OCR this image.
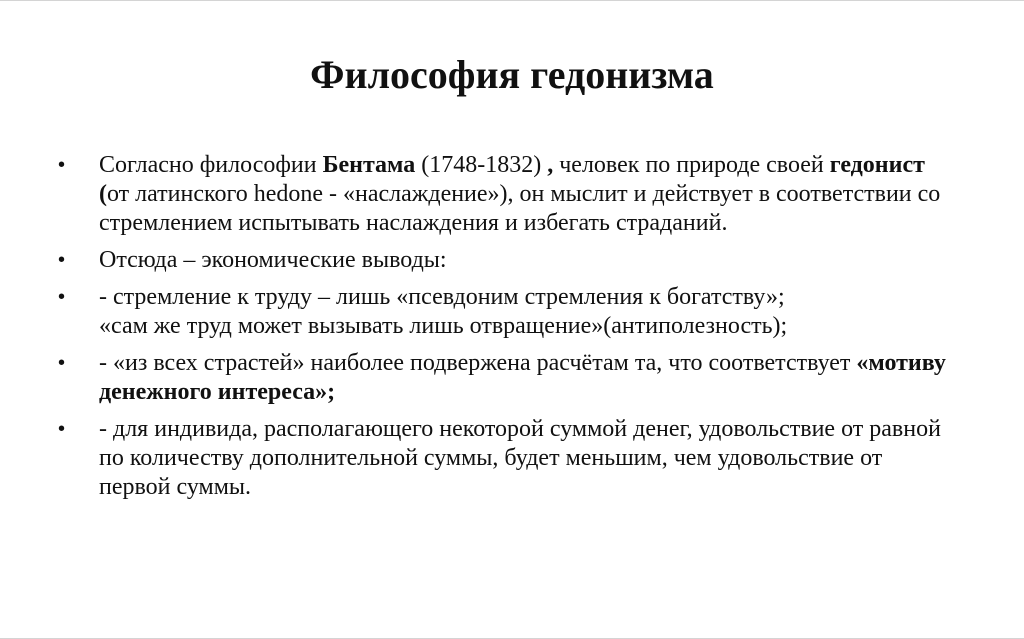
Философия гедонизма
•	Согласно философии Бентама (1748-1832) , человек по природе своей гедонист (от латинского hedone - «наслаждение»), он мыслит и действует в соответствии со стремлением испытывать наслаждения и избегать страданий.
•	Отсюда – экономические выводы:
•	- стремление к труду – лишь «псевдоним стремления к богатству»;
«сам же труд может вызывать лишь отвращение»(антиполезность);
•	- «из всех страстей» наиболее подвержена расчётам та, что соответствует «мотиву денежного интереса»;
•	- для индивида, располагающего некоторой суммой денег, удовольствие от равной по количеству дополнительной суммы, будет меньшим, чем удовольствие от первой суммы.
